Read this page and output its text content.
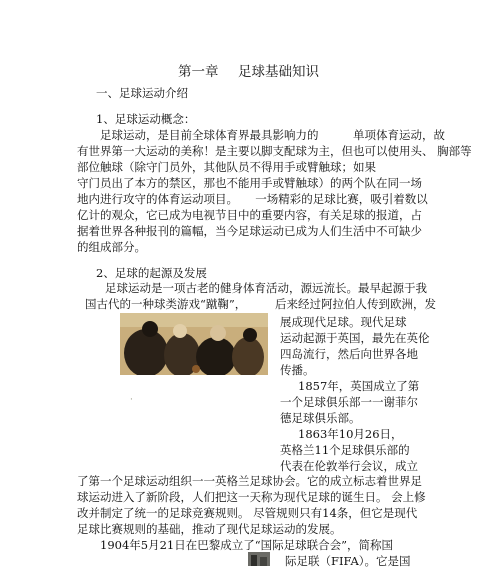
第一章 足球基础知识
一、足球运动介绍
1、足球运动概念：
足球运动，是目前全球体育界最具影响力的　　　单项体育运动，故
有世界第一大运动的美称！是主要以脚支配球为主，但也可以使用头、 胸部等
部位触球（除守门员外，其他队员不得用手或臂触球；如果
守门员出了本方的禁区，那也不能用手或臂触球）的两个队在同一场
地内进行攻守的体育运动项目。　　一场精彩的足球比赛，吸引着数以
亿计的观众，它已成为电视节目中的重要内容，有关足球的报道，占
据着世界各种报刊的篇幅，当今足球运动已成为人们生活中不可缺少
的组成部分。
2、足球的起源及发展
足球运动是一项古老的健身体育活动，源远流长。最早起源于我
国古代的一种球类游戏“蹴鞠”，　　　后来经过阿拉伯人传到欧洲，发
·
展成现代足球。现代足球
运动起源于英国，最先在英伦
四岛流行，然后向世界各地
传播。
1857年，英国成立了第
一个足球俱乐部一一谢菲尔
德足球俱乐部。
1863年10月26日，
英格兰11个足球俱乐部的
代表在伦敦举行会议，成立
了第一个足球运动组织一一英格兰足球协会。它的成立标志着世界足
球运动进入了新阶段，人们把这一天称为现代足球的诞生日。 会上修
改并制定了统一的足球竞赛规则。 尽管规则只有14条，但它是现代
足球比赛规则的基础，推动了现代足球运动的发展。
1904年5月21日在巴黎成立了“国际足球联合会”，简称国
际足联（FIFA）。它是国
